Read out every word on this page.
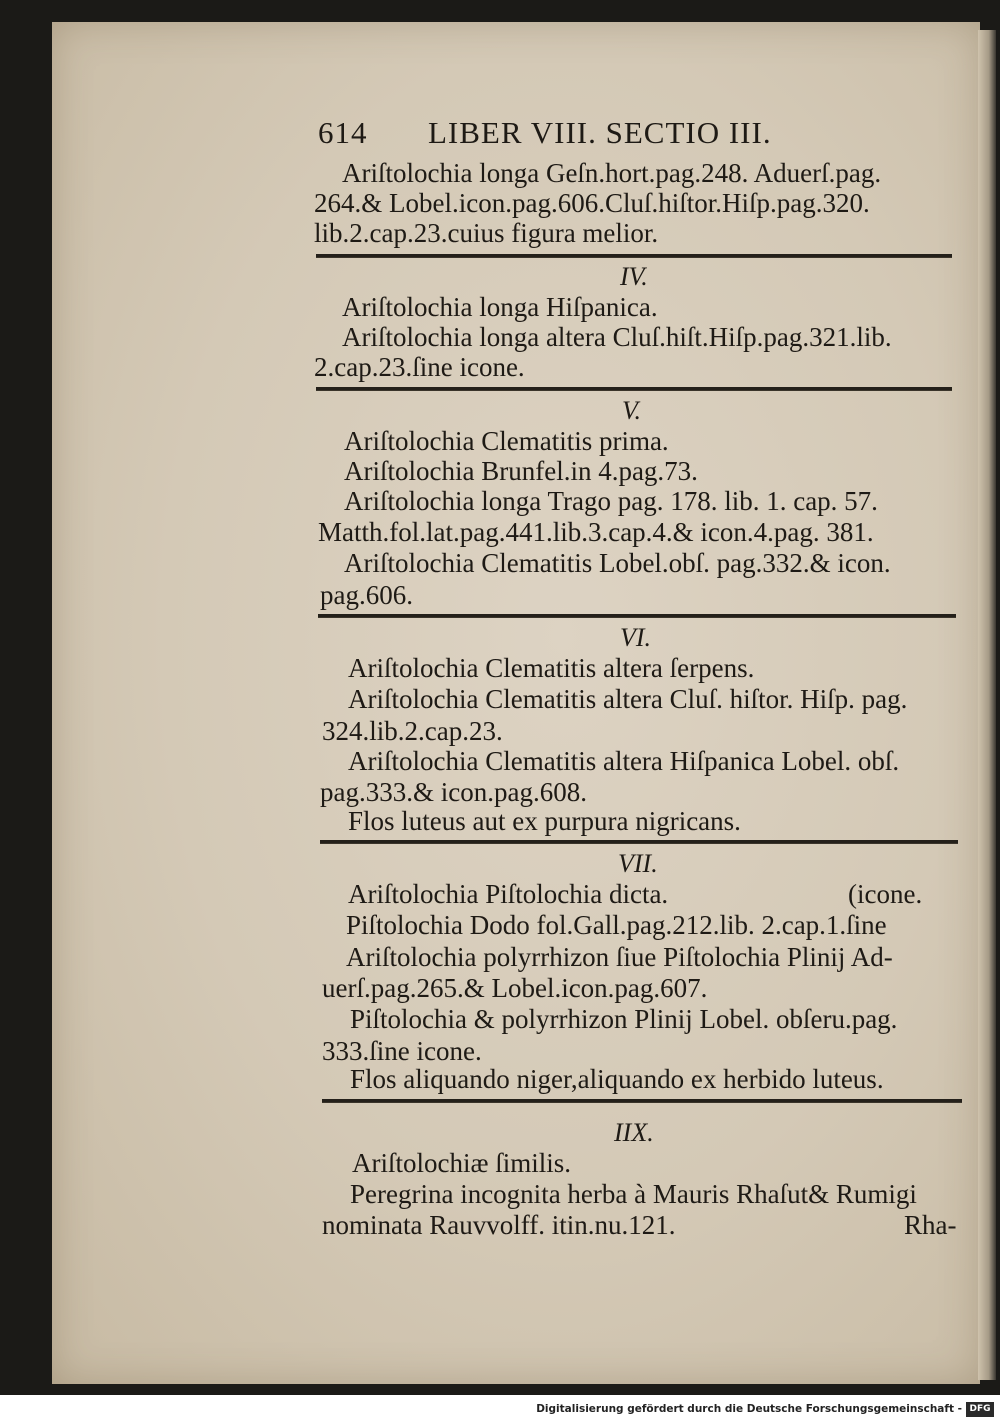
614 LIBER VIII. SECTIO III.
Ariſtolochia longa Geſn.hort.pag.248. Aduerſ.pag.
264.& Lobel.icon.pag.606.Cluſ.hiſtor.Hiſp.pag.320.
lib.2.cap.23.cuius figura melior.
IV.
Ariſtolochia longa Hiſpanica.
Ariſtolochia longa altera Cluſ.hiſt.Hiſp.pag.321.lib.
2.cap.23.ſine icone.
V.
Ariſtolochia Clematitis prima.
Ariſtolochia Brunfel.in 4.pag.73.
Ariſtolochia longa Trago pag. 178. lib. 1. cap. 57.
Matth.fol.lat.pag.441.lib.3.cap.4.& icon.4.pag. 381.
Ariſtolochia Clematitis Lobel.obſ. pag.332.& icon.
pag.606.
VI.
Ariſtolochia Clematitis altera ſerpens.
Ariſtolochia Clematitis altera Cluſ. hiſtor. Hiſp. pag.
324.lib.2.cap.23.
Ariſtolochia Clematitis altera Hiſpanica Lobel. obſ.
pag.333.& icon.pag.608.
Flos luteus aut ex purpura nigricans.
VII.
Ariſtolochia Piſtolochia dicta.	(icone.
Piſtolochia Dodo fol.Gall.pag.212.lib. 2.cap.1.ſine
Ariſtolochia polyrrhizon ſiue Piſtolochia Plinij Ad-
uerſ.pag.265.& Lobel.icon.pag.607.
Piſtolochia & polyrrhizon Plinij Lobel. obſeru.pag.
333.ſine icone.
Flos aliquando niger,aliquando ex herbido luteus.
IIX.
Ariſtolochiæ ſimilis.
Peregrina incognita herba à Mauris Rhaſut& Rumigi
nominata Rauvvolff. itin.nu.121.	Rha-
Digitalisierung gefördert durch die Deutsche Forschungsgemeinschaft - DFG
